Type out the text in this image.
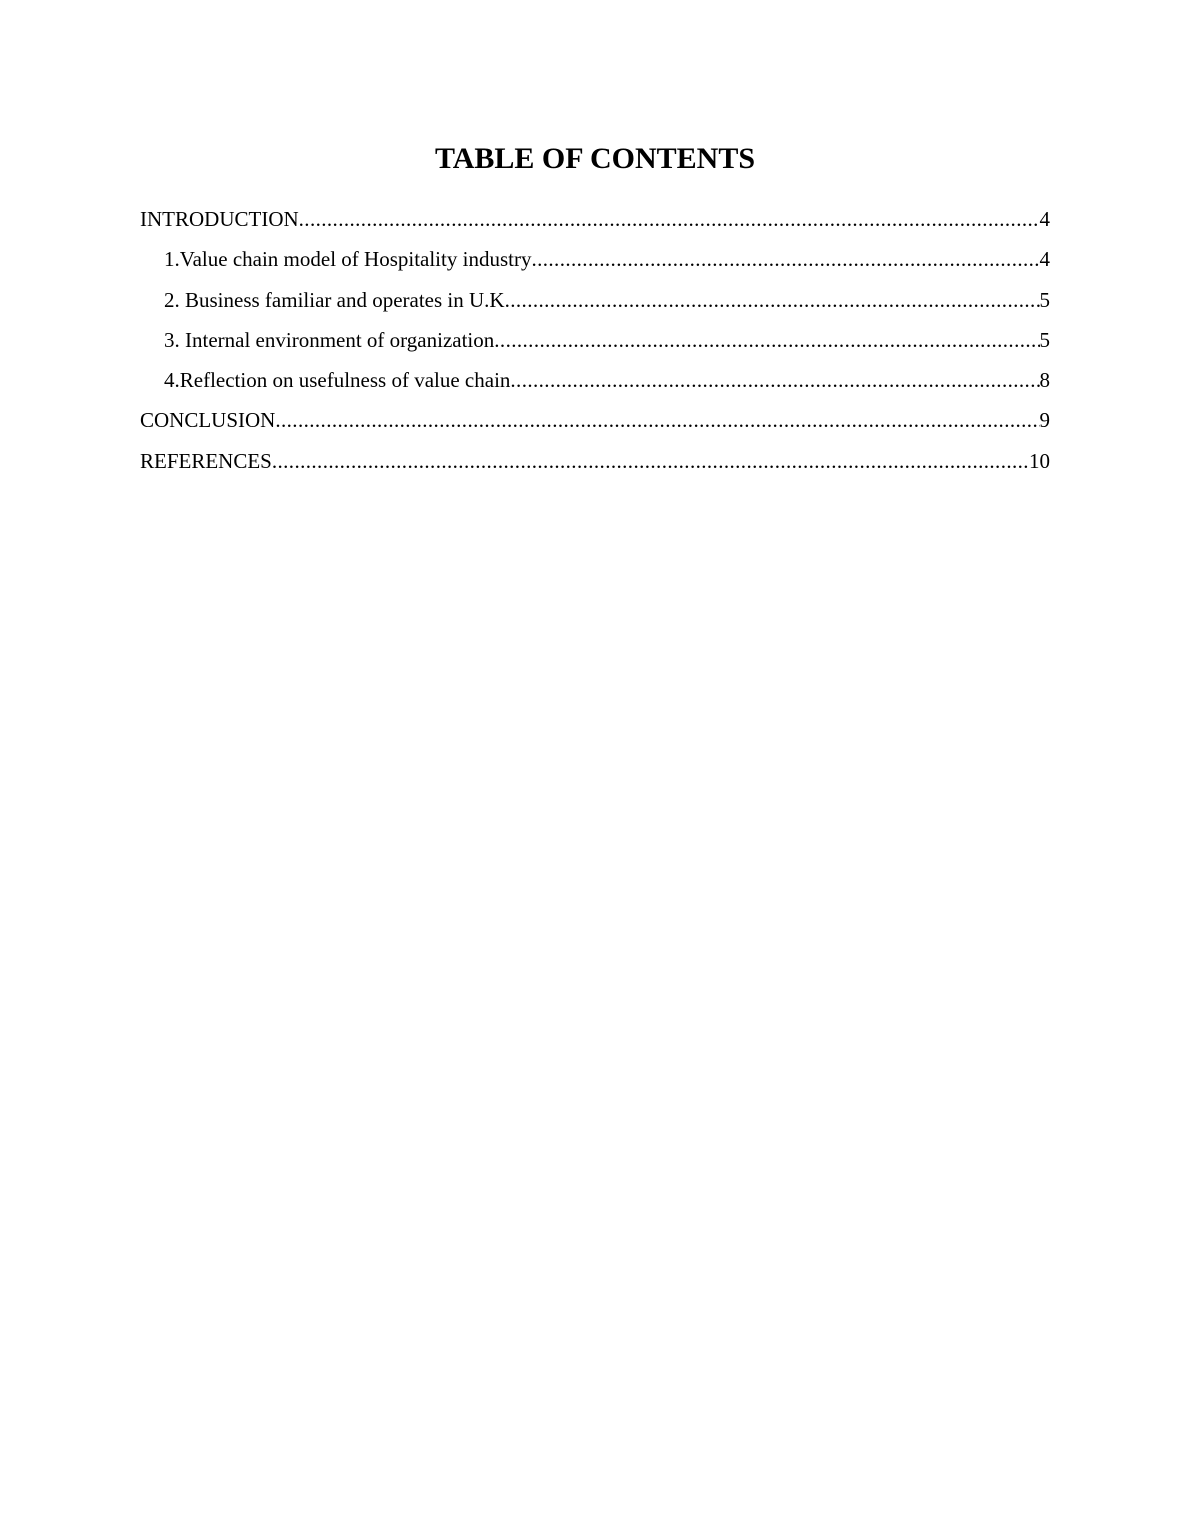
TABLE OF CONTENTS
INTRODUCTION .....	4
1.Value chain model of Hospitality industry .....	4
2. Business familiar and operates in U.K .....	5
3. Internal environment of organization .....	5
4.Reflection on usefulness of value chain .....	8
CONCLUSION .....	9
REFERENCES .....	10
